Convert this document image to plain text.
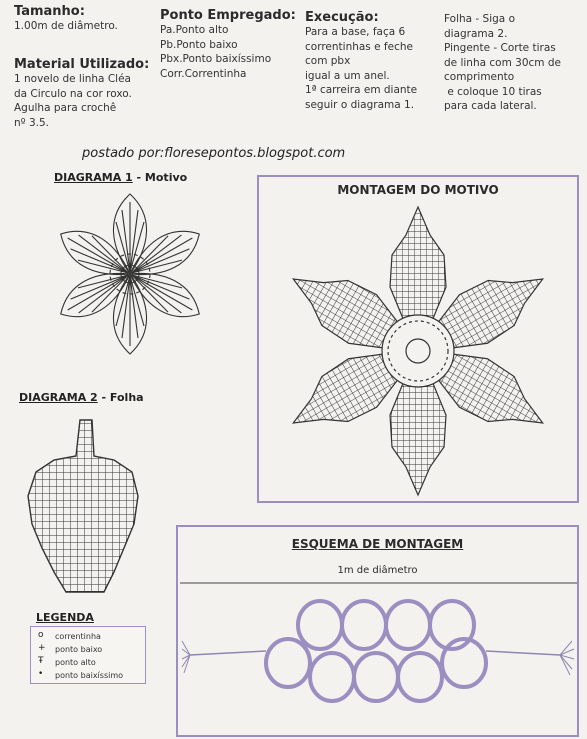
Tamanho:
1.00m de diâmetro.
Material Utilizado:
1 novelo de linha Cléa
da Circulo na cor roxo.
Agulha para crochê
nº 3.5.
Ponto Empregado:
Pa.Ponto alto
Pb.Ponto baixo
Pbx.Ponto baixíssimo
Corr.Correntinha
Execução:
Para a base, faça 6
correntinhas e feche
com pbx
igual a um anel.
1ª carreira em diante
seguir o diagrama 1.
Folha - Siga o
diagrama 2.
Pingente - Corte tiras
de linha com 30cm de
comprimento
e coloque 10 tiras
para cada lateral.
postado por:floresepontos.blogspot.com
DIAGRAMA 1 - Motivo
DIAGRAMA 2 - Folha
LEGENDA
o correntinha
+ ponto baixo
Ŧ ponto alto
• ponto baixíssimo
MONTAGEM DO MOTIVO
ESQUEMA DE MONTAGEM
1m de diâmetro
